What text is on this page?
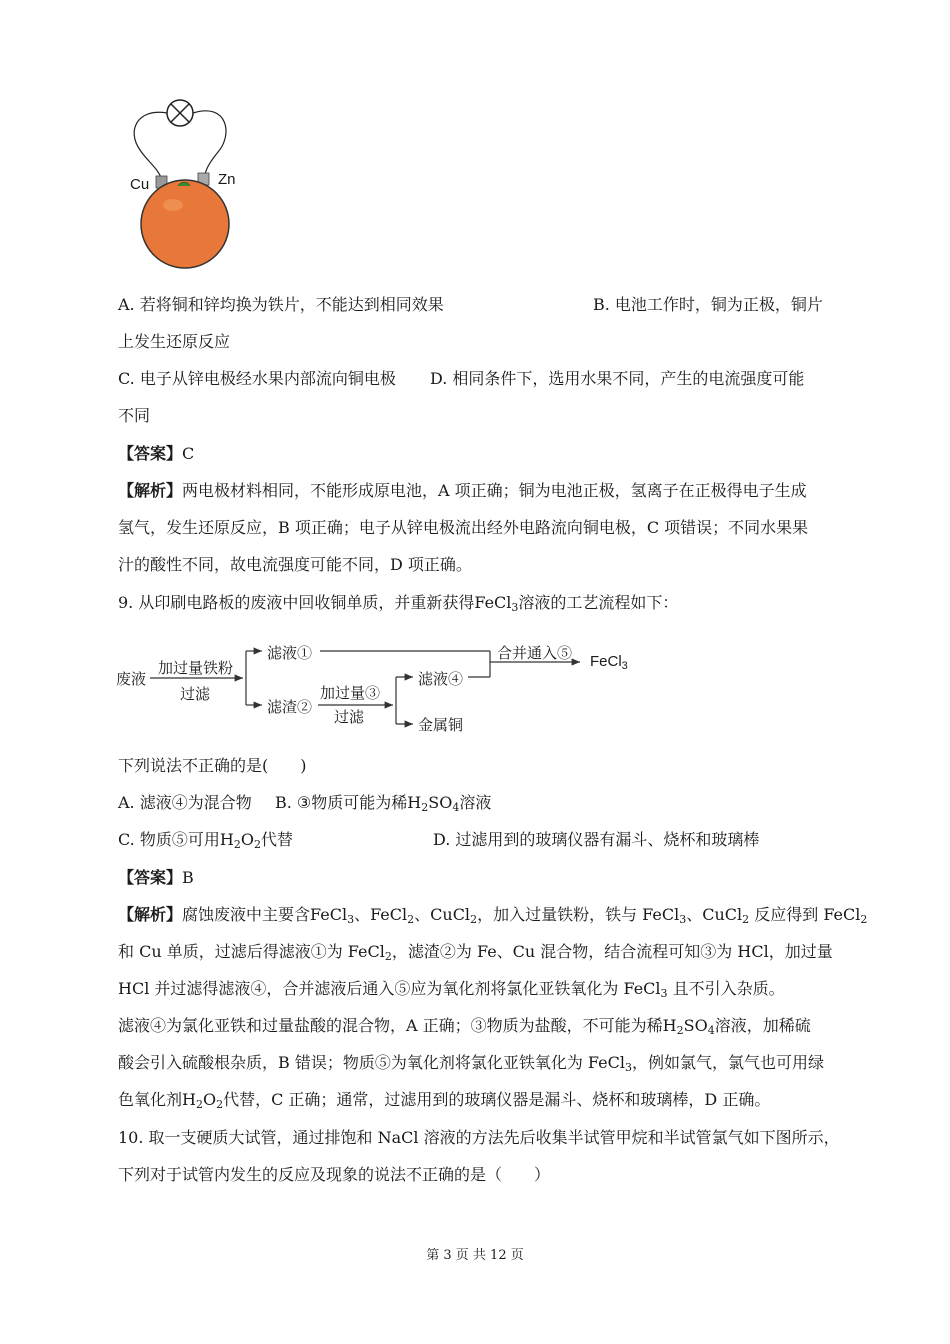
Cu	Zn
A. 若将铜和锌均换为铁片，不能达到相同效果	B. 电池工作时，铜为正极，铜片
上发生还原反应
C. 电子从锌电极经水果内部流向铜电极 D. 相同条件下，选用水果不同，产生的电流强度可能
不同
【答案】C
【解析】两电极材料相同，不能形成原电池，A 项正确；铜为电池正极，氢离子在正极得电子生成
氢气，发生还原反应，B 项正确；电子从锌电极流出经外电路流向铜电极，C 项错误；不同水果果
汁的酸性不同，故电流强度可能不同，D 项正确。
9. 从印刷电路板的废液中回收铜单质，并重新获得FeCl$_3$溶液的工艺流程如下：
废液
加过量铁粉
过滤
滤液①
滤渣②
加过量③
过滤
滤液④
金属铜
合并通入⑤ FeCl$_3$
下列说法不正确的是(　　)
A. 滤液④为混合物 B. ③物质可能为稀$H_2SO_4$溶液
C. 物质⑤可用$H_2O_2$代替	D. 过滤用到的玻璃仪器有漏斗、烧杯和玻璃棒
【答案】B
【解析】腐蚀废液中主要含FeCl$_3$、FeCl$_2$、CuCl$_2$，加入过量铁粉，铁与 FeCl$_3$、CuCl$_2$ 反应得到 FeCl$_2$
和 Cu 单质，过滤后得滤液①为 FeCl$_2$，滤渣②为 Fe、Cu 混合物，结合流程可知③为 HCl，加过量
HCl 并过滤得滤液④，合并滤液后通入⑤应为氧化剂将氯化亚铁氧化为 FeCl$_3$ 且不引入杂质。
滤液④为氯化亚铁和过量盐酸的混合物，A 正确；③物质为盐酸，不可能为稀$H_2SO_4$溶液，加稀硫
酸会引入硫酸根杂质，B 错误；物质⑤为氧化剂将氯化亚铁氧化为 FeCl$_3$，例如氯气，氯气也可用绿
色氧化剂$H_2O_2$代替，C 正确；通常，过滤用到的玻璃仪器是漏斗、烧杯和玻璃棒，D 正确。
10. 取一支硬质大试管，通过排饱和 NaCl 溶液的方法先后收集半试管甲烷和半试管氯气如下图所示，
下列对于试管内发生的反应及现象的说法不正确的是（　　）
第 3 页 共 12 页
